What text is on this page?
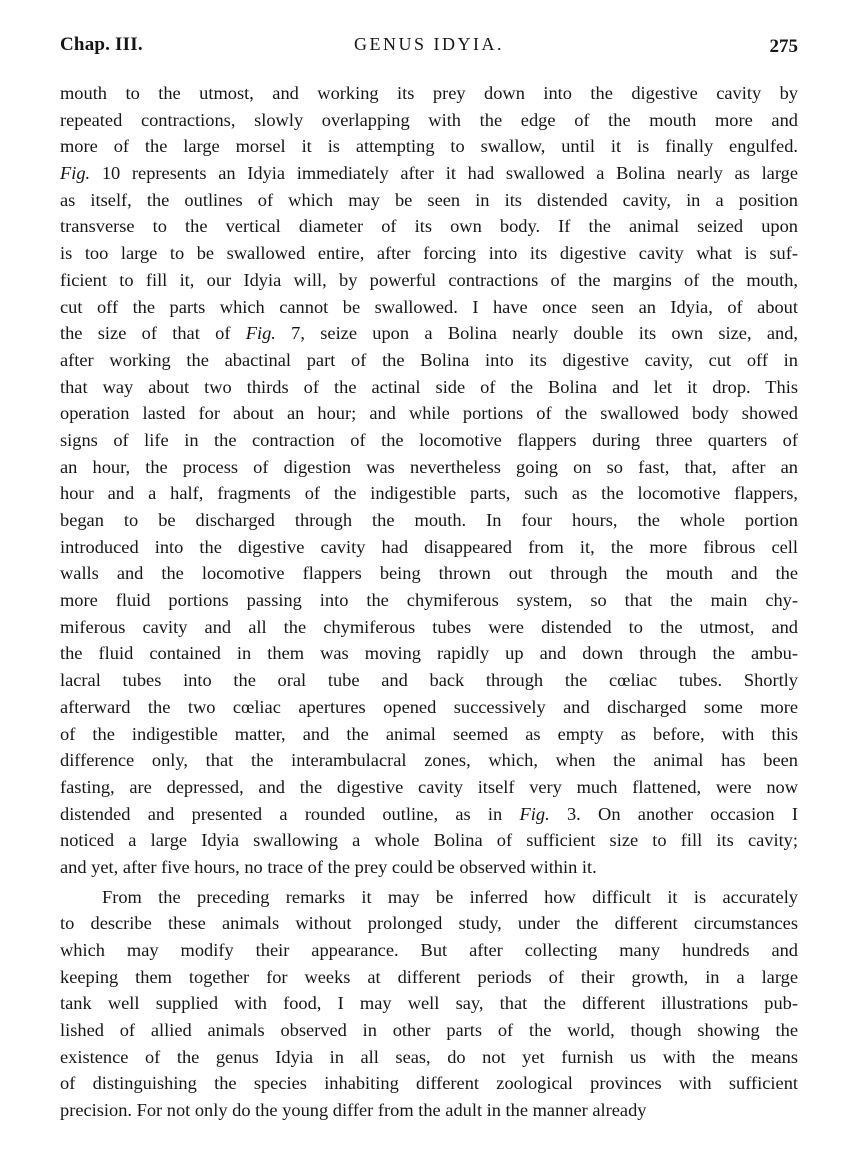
Chap. III.	GENUS IDYIA.	275
mouth to the utmost, and working its prey down into the digestive cavity by
repeated contractions, slowly overlapping with the edge of the mouth more and
more of the large morsel it is attempting to swallow, until it is finally engulfed.
Fig. 10 represents an Idyia immediately after it had swallowed a Bolina nearly as large
as itself, the outlines of which may be seen in its distended cavity, in a position
transverse to the vertical diameter of its own body. If the animal seized upon
is too large to be swallowed entire, after forcing into its digestive cavity what is suf-
ficient to fill it, our Idyia will, by powerful contractions of the margins of the mouth,
cut off the parts which cannot be swallowed. I have once seen an Idyia, of about
the size of that of Fig. 7, seize upon a Bolina nearly double its own size, and,
after working the abactinal part of the Bolina into its digestive cavity, cut off in
that way about two thirds of the actinal side of the Bolina and let it drop. This
operation lasted for about an hour; and while portions of the swallowed body showed
signs of life in the contraction of the locomotive flappers during three quarters of
an hour, the process of digestion was nevertheless going on so fast, that, after an
hour and a half, fragments of the indigestible parts, such as the locomotive flappers,
began to be discharged through the mouth. In four hours, the whole portion
introduced into the digestive cavity had disappeared from it, the more fibrous cell
walls and the locomotive flappers being thrown out through the mouth and the
more fluid portions passing into the chymiferous system, so that the main chy-
miferous cavity and all the chymiferous tubes were distended to the utmost, and
the fluid contained in them was moving rapidly up and down through the ambu-
lacral tubes into the oral tube and back through the cœliac tubes. Shortly
afterward the two cœliac apertures opened successively and discharged some more
of the indigestible matter, and the animal seemed as empty as before, with this
difference only, that the interambulacral zones, which, when the animal has been
fasting, are depressed, and the digestive cavity itself very much flattened, were now
distended and presented a rounded outline, as in Fig. 3. On another occasion I
noticed a large Idyia swallowing a whole Bolina of sufficient size to fill its cavity;
and yet, after five hours, no trace of the prey could be observed within it.
From the preceding remarks it may be inferred how difficult it is accurately
to describe these animals without prolonged study, under the different circumstances
which may modify their appearance. But after collecting many hundreds and
keeping them together for weeks at different periods of their growth, in a large
tank well supplied with food, I may well say, that the different illustrations pub-
lished of allied animals observed in other parts of the world, though showing the
existence of the genus Idyia in all seas, do not yet furnish us with the means
of distinguishing the species inhabiting different zoological provinces with sufficient
precision. For not only do the young differ from the adult in the manner already
